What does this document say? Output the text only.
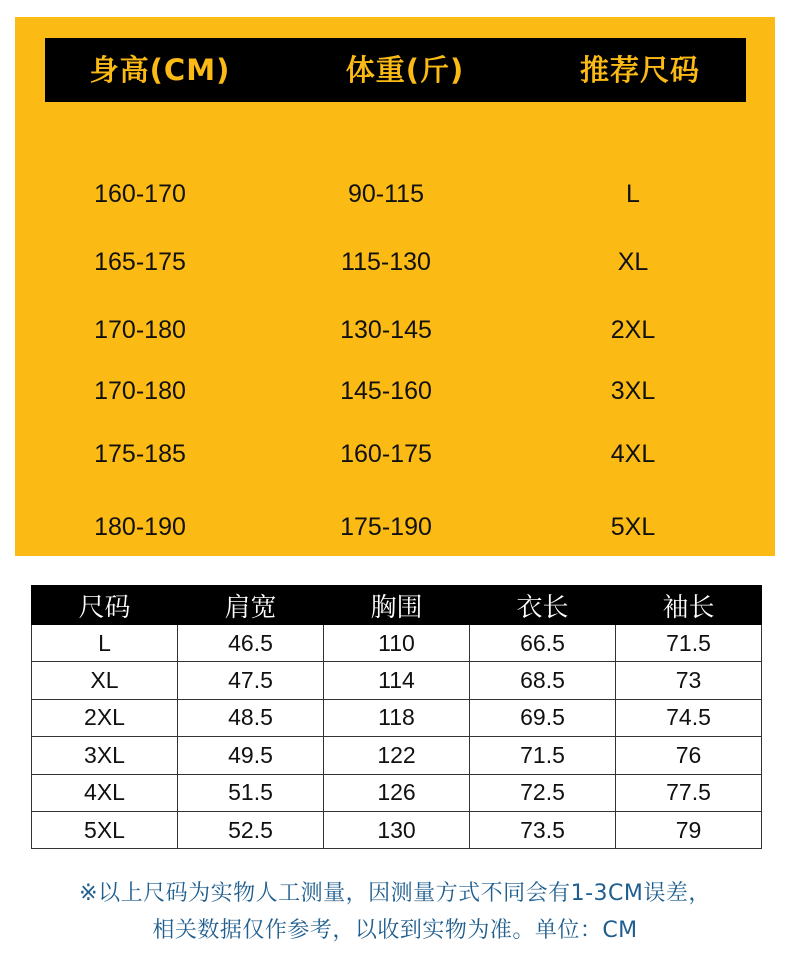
身高(CM)	体重(斤)	推荐尺码
160-170	90-115	L
165-175	115-130	XL
170-180	130-145	2XL
170-180	145-160	3XL
175-185	160-175	4XL
180-190	175-190	5XL
尺码	肩宽	胸围	衣长	袖长
L	46.5	110	66.5	71.5
XL	47.5	114	68.5	73
2XL	48.5	118	69.5	74.5
3XL	49.5	122	71.5	76
4XL	51.5	126	72.5	77.5
5XL	52.5	130	73.5	79
※以上尺码为实物人工测量，因测量方式不同会有1-3CM误差，
相关数据仅作参考，以收到实物为准。单位：CM
